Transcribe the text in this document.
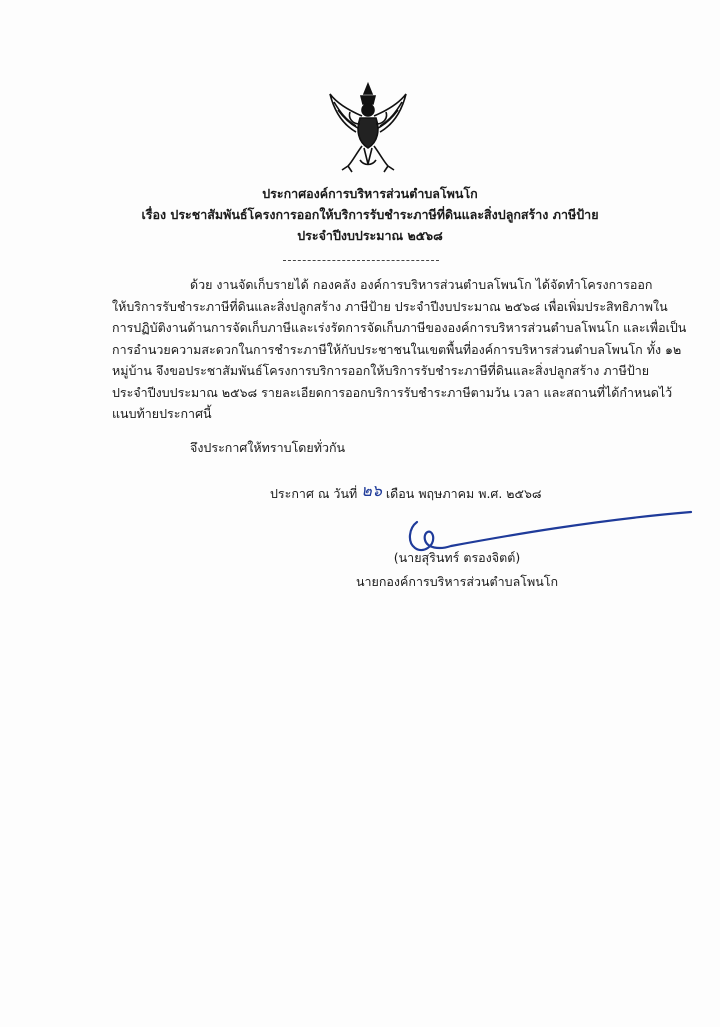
ประกาศองค์การบริหารส่วนตำบลโพนโก
เรื่อง ประชาสัมพันธ์โครงการออกให้บริการรับชำระภาษีที่ดินและสิ่งปลูกสร้าง ภาษีป้าย
ประจำปีงบประมาณ ๒๕๖๘
ด้วย งานจัดเก็บรายได้ กองคลัง องค์การบริหารส่วนตำบลโพนโก ได้จัดทำโครงการออก
ให้บริการรับชำระภาษีที่ดินและสิ่งปลูกสร้าง ภาษีป้าย ประจำปีงบประมาณ ๒๕๖๘ เพื่อเพิ่มประสิทธิภาพใน
การปฏิบัติงานด้านการจัดเก็บภาษีและเร่งรัดการจัดเก็บภาษีขององค์การบริหารส่วนตำบลโพนโก และเพื่อเป็น
การอำนวยความสะดวกในการชำระภาษีให้กับประชาชนในเขตพื้นที่องค์การบริหารส่วนตำบลโพนโก ทั้ง ๑๒
หมู่บ้าน จึงขอประชาสัมพันธ์โครงการบริการออกให้บริการรับชำระภาษีที่ดินและสิ่งปลูกสร้าง ภาษีป้าย
ประจำปีงบประมาณ ๒๕๖๘ รายละเอียดการออกบริการรับชำระภาษีตามวัน เวลา และสถานที่ได้กำหนดไว้
แนบท้ายประกาศนี้
จึงประกาศให้ทราบโดยทั่วกัน
ประกาศ ณ วันที่ ๒๖ เดือน พฤษภาคม พ.ศ. ๒๕๖๘
(นายสุรินทร์ ตรองจิตต์)
นายกองค์การบริหารส่วนตำบลโพนโก
